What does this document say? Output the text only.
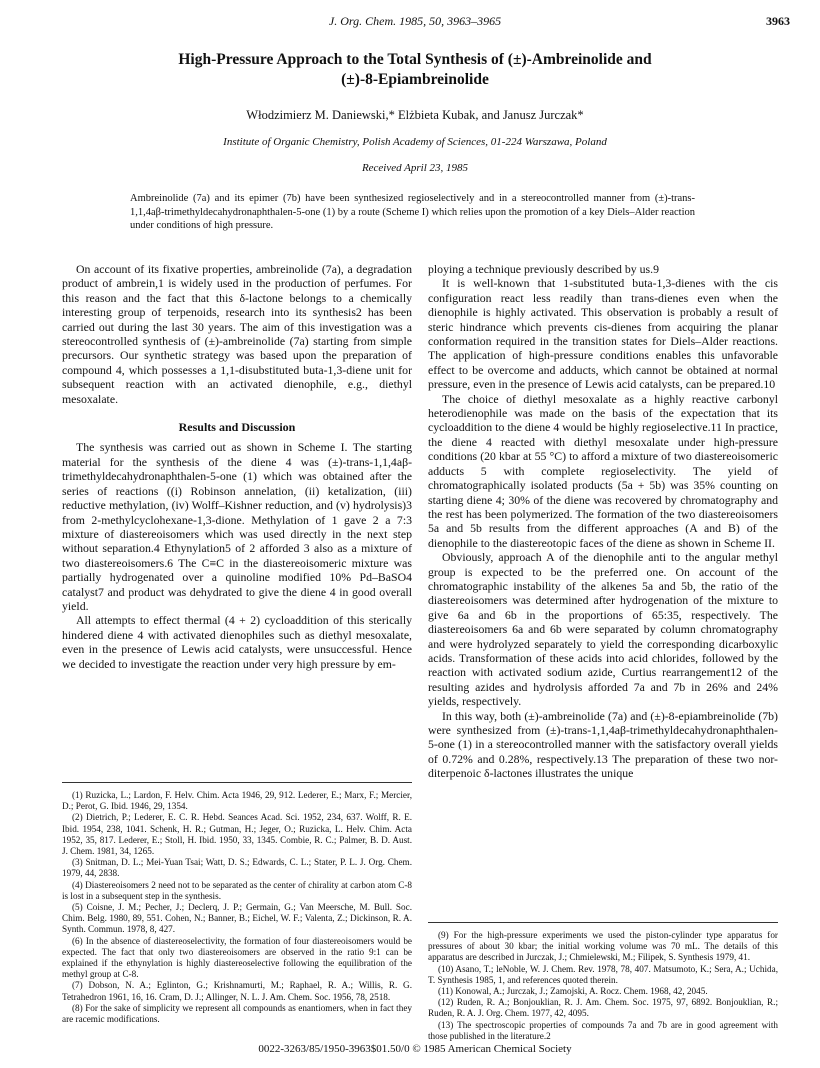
J. Org. Chem. 1985, 50, 3963–3965	3963
High-Pressure Approach to the Total Synthesis of (±)-Ambreinolide and
(±)-8-Epiambreinolide
Włodzimierz M. Daniewski,* Elżbieta Kubak, and Janusz Jurczak*
Institute of Organic Chemistry, Polish Academy of Sciences, 01-224 Warszawa, Poland
Received April 23, 1985
Ambreinolide (7a) and its epimer (7b) have been synthesized regioselectively and in a stereocontrolled manner from (±)-trans-1,1,4aβ-trimethyldecahydronaphthalen-5-one (1) by a route (Scheme I) which relies upon the promotion of a key Diels–Alder reaction under conditions of high pressure.

On account of its fixative properties, ambreinolide (7a), a degradation product of ambrein,1 is widely used in the production of perfumes. For this reason and the fact that this δ-lactone belongs to a chemically interesting group of terpenoids, research into its synthesis2 has been carried out during the last 30 years. The aim of this investigation was a stereocontrolled synthesis of (±)-ambreinolide (7a) starting from simple precursors. Our synthetic strategy was based upon the preparation of compound 4, which possesses a 1,1-disubstituted buta-1,3-diene unit for subsequent reaction with an activated dienophile, e.g., diethyl mesoxalate.

Results and Discussion

The synthesis was carried out as shown in Scheme I. The starting material for the synthesis of the diene 4 was (±)-trans-1,1,4aβ-trimethyldecahydronaphthalen-5-one (1) which was obtained after the series of reactions ((i) Robinson annelation, (ii) ketalization, (iii) reductive methylation, (iv) Wolff–Kishner reduction, and (v) hydrolysis)3 from 2-methylcyclohexane-1,3-dione. Methylation of 1 gave 2 a 7:3 mixture of diastereoisomers which was used directly in the next step without separation.4 Ethynylation5 of 2 afforded 3 also as a mixture of two diastereoisomers.6 The C≡C in the diastereoisomeric mixture was partially hydrogenated over a quinoline modified 10% Pd–BaSO4 catalyst7 and product was dehydrated to give the diene 4 in good overall yield.

All attempts to effect thermal (4 + 2) cycloaddition of this sterically hindered diene 4 with activated dienophiles such as diethyl mesoxalate, even in the presence of Lewis acid catalysts, were unsuccessful. Hence we decided to investigate the reaction under very high pressure by em-

ploying a technique previously described by us.9

It is well-known that 1-substituted buta-1,3-dienes with the cis configuration react less readily than trans-dienes even when the dienophile is highly activated. This observation is probably a result of steric hindrance which prevents cis-dienes from acquiring the planar conformation required in the transition states for Diels–Alder reactions. The application of high-pressure conditions enables this unfavorable effect to be overcome and adducts, which cannot be obtained at normal pressure, even in the presence of Lewis acid catalysts, can be prepared.10

The choice of diethyl mesoxalate as a highly reactive carbonyl heterodienophile was made on the basis of the expectation that its cycloaddition to the diene 4 would be highly regioselective.11 In practice, the diene 4 reacted with diethyl mesoxalate under high-pressure conditions (20 kbar at 55 °C) to afford a mixture of two diastereoisomeric adducts 5 with complete regioselectivity. The yield of chromatographically isolated products (5a + 5b) was 35% counting on starting diene 4; 30% of the diene was recovered by chromatography and the rest has been polymerized. The formation of the two diastereoisomers 5a and 5b results from the different approaches (A and B) of the dienophile to the diastereotopic faces of the diene as shown in Scheme II.

Obviously, approach A of the dienophile anti to the angular methyl group is expected to be the preferred one. On account of the chromatographic instability of the alkenes 5a and 5b, the ratio of the diastereoisomers was determined after hydrogenation of the mixture to give 6a and 6b in the proportions of 65:35, respectively. The diastereoisomers 6a and 6b were separated by column chromatography and were hydrolyzed separately to yield the corresponding dicarboxylic acids. Transformation of these acids into acid chlorides, followed by the reaction with activated sodium azide, Curtius rearrangement12 of the resulting azides and hydrolysis afforded 7a and 7b in 26% and 24% yields, respectively.

In this way, both (±)-ambreinolide (7a) and (±)-8-epiambreinolide (7b) were synthesized from (±)-trans-1,1,4aβ-trimethyldecahydronaphthalen-5-one (1) in a stereocontrolled manner with the satisfactory overall yields of 0.72% and 0.28%, respectively.13 The preparation of these two nor-diterpenoic δ-lactones illustrates the unique

(1) Ruzicka, L.; Lardon, F. Helv. Chim. Acta 1946, 29, 912. Lederer, E.; Marx, F.; Mercier, D.; Perot, G. Ibid. 1946, 29, 1354.

(2) Dietrich, P.; Lederer, E. C. R. Hebd. Seances Acad. Sci. 1952, 234, 637. Wolff, R. E. Ibid. 1954, 238, 1041. Schenk, H. R.; Gutman, H.; Jeger, O.; Ruzicka, L. Helv. Chim. Acta 1952, 35, 817. Lederer, E.; Stoll, H. Ibid. 1950, 33, 1345. Combie, R. C.; Palmer, B. D. Aust. J. Chem. 1981, 34, 1265.

(3) Snitman, D. L.; Mei-Yuan Tsai; Watt, D. S.; Edwards, C. L.; Stater, P. L. J. Org. Chem. 1979, 44, 2838.

(4) Diastereoisomers 2 need not to be separated as the center of chirality at carbon atom C-8 is lost in a subsequent step in the synthesis.

(5) Coisne, J. M.; Pecher, J.; Declerq, J. P.; Germain, G.; Van Meersche, M. Bull. Soc. Chim. Belg. 1980, 89, 551. Cohen, N.; Banner, B.; Eichel, W. F.; Valenta, Z.; Dickinson, R. A. Synth. Commun. 1978, 8, 427.

(6) In the absence of diastereoselectivity, the formation of four diastereoisomers would be expected. The fact that only two diastereoisomers are observed in the ratio 9:1 can be explained if the ethynylation is highly diastereoselective following the equilibration of the methyl group at C-8.

(7) Dobson, N. A.; Eglinton, G.; Krishnamurti, M.; Raphael, R. A.; Willis, R. G. Tetrahedron 1961, 16, 16. Cram, D. J.; Allinger, N. L. J. Am. Chem. Soc. 1956, 78, 2518.

(8) For the sake of simplicity we represent all compounds as enantiomers, when in fact they are racemic modifications.

(9) For the high-pressure experiments we used the piston-cylinder type apparatus for pressures of about 30 kbar; the initial working volume was 70 mL. The details of this apparatus are described in Jurczak, J.; Chmielewski, M.; Filipek, S. Synthesis 1979, 41.

(10) Asano, T.; leNoble, W. J. Chem. Rev. 1978, 78, 407. Matsumoto, K.; Sera, A.; Uchida, T. Synthesis 1985, 1, and references quoted therein.

(11) Konowal, A.; Jurczak, J.; Zamojski, A. Rocz. Chem. 1968, 42, 2045.

(12) Ruden, R. A.; Bonjouklian, R. J. Am. Chem. Soc. 1975, 97, 6892. Bonjouklian, R.; Ruden, R. A. J. Org. Chem. 1977, 42, 4095.

(13) The spectroscopic properties of compounds 7a and 7b are in good agreement with those published in the literature.2

0022-3263/85/1950-3963$01.50/0 © 1985 American Chemical Society
